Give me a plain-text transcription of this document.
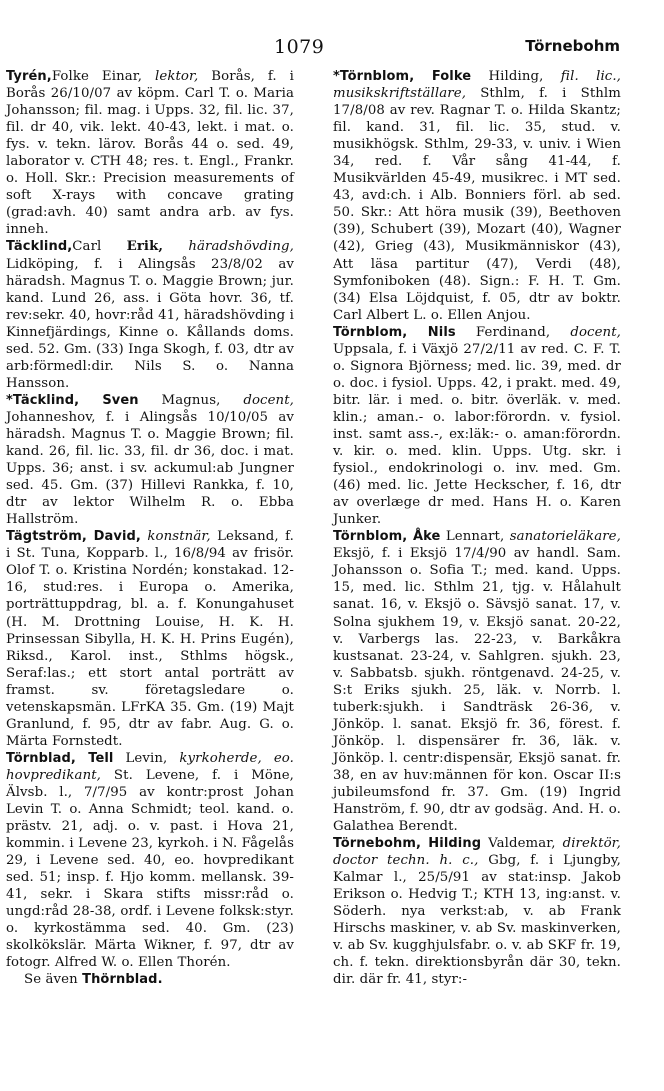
1079	Törnebohm

Tyrén,Folke Einar, lektor, Borås, f. i Borås 26/10/07 av köpm. Carl T. o. Maria Johansson; fil. mag. i Upps. 32, fil. lic. 37, fil. dr 40, vik. lekt. 40-43, lekt. i mat. o. fys. v. tekn. lärov. Borås 44 o. sed. 49, laborator v. CTH 48; res. t. Engl., Frankr. o. Holl. Skr.: Precision measurements of soft X-rays with concave grating (grad:avh. 40) samt andra arb. av fys. inneh.

Täcklind,Carl Erik, häradshövding, Lidköping, f. i Alingsås 23/8/02 av häradsh. Magnus T. o. Maggie Brown; jur. kand. Lund 26, ass. i Göta hovr. 36, tf. rev:sekr. 40, hovr:råd 41, häradshövding i Kinnefjärdings, Kinne o. Kållands doms. sed. 52. Gm. (33) Inga Skogh, f. 03, dtr av arb:förmedl:dir. Nils S. o. Nanna Hansson.

*Täcklind, Sven Magnus, docent, Johanneshov, f. i Alingsås 10/10/05 av häradsh. Magnus T. o. Maggie Brown; fil. kand. 26, fil. lic. 33, fil. dr 36, doc. i mat. Upps. 36; anst. i sv. ackumul:ab Jungner sed. 45. Gm. (37) Hillevi Rankka, f. 10, dtr av lektor Wilhelm R. o. Ebba Hallström.

Tägtström, David, konstnär, Leksand, f. i St. Tuna, Kopparb. l., 16/8/94 av frisör. Olof T. o. Kristina Nordén; konstakad. 12-16, stud:res. i Europa o. Amerika, porträttuppdrag, bl. a. f. Konungahuset (H. M. Drottning Louise, H. K. H. Prinsessan Sibylla, H. K. H. Prins Eugén), Riksd., Karol. inst., Sthlms högsk., Seraf:las.; ett stort antal porträtt av framst. sv. företagsledare o. vetenskapsmän. LFrKA 35. Gm. (19) Majt Granlund, f. 95, dtr av fabr. Aug. G. o. Märta Fornstedt.

Törnblad, Tell Levin, kyrkoherde, eo. hovpredikant, St. Levene, f. i Möne, Älvsb. l., 7/7/95 av kontr:prost Johan Levin T. o. Anna Schmidt; teol. kand. o. prästv. 21, adj. o. v. past. i Hova 21, kommin. i Levene 23, kyrkoh. i N. Fågelås 29, i Levene sed. 40, eo. hovpredikant sed. 51; insp. f. Hjo komm. mellansk. 39-41, sekr. i Skara stifts missr:råd o. ungd:råd 28-38, ordf. i Levene folksk:styr. o. kyrkostämma sed. 40. Gm. (23) skolkökslär. Märta Wikner, f. 97, dtr av fotogr. Alfred W. o. Ellen Thorén.

Se även Thörnblad.

*Törnblom, Folke Hilding, fil. lic., musikskriftställare, Sthlm, f. i Sthlm 17/8/08 av rev. Ragnar T. o. Hilda Skantz; fil. kand. 31, fil. lic. 35, stud. v. musikhögsk. Sthlm, 29-33, v. univ. i Wien 34, red. f. Vår sång 41-44, f. Musikvärlden 45-49, musikrec. i MT sed. 43, avd:ch. i Alb. Bonniers förl. ab sed. 50. Skr.: Att höra musik (39), Beethoven (39), Schubert (39), Mozart (40), Wagner (42), Grieg (43), Musikmänniskor (43), Att läsa partitur (47), Verdi (48), Symfoniboken (48). Sign.: F. H. T. Gm. (34) Elsa Löjdquist, f. 05, dtr av boktr. Carl Albert L. o. Ellen Anjou.

Törnblom, Nils Ferdinand, docent, Uppsala, f. i Växjö 27/2/11 av red. C. F. T. o. Signora Björness; med. lic. 39, med. dr o. doc. i fysiol. Upps. 42, i prakt. med. 49, bitr. lär. i med. o. bitr. överläk. v. med. klin.; aman.- o. labor:förordn. v. fysiol. inst. samt ass.-, ex:läk:- o. aman:förordn. v. kir. o. med. klin. Upps. Utg. skr. i fysiol., endokrinologi o. inv. med. Gm. (46) med. lic. Jette Heckscher, f. 16, dtr av overlæge dr med. Hans H. o. Karen Junker.

Törnblom, Åke Lennart, sanatorieläkare, Eksjö, f. i Eksjö 17/4/90 av handl. Sam. Johansson o. Sofia T.; med. kand. Upps. 15, med. lic. Sthlm 21, tjg. v. Hålahult sanat. 16, v. Eksjö o. Sävsjö sanat. 17, v. Solna sjukhem 19, v. Eksjö sanat. 20-22, v. Varbergs las. 22-23, v. Barkåkra kustsanat. 23-24, v. Sahlgren. sjukh. 23, v. Sabbatsb. sjukh. röntgenavd. 24-25, v. S:t Eriks sjukh. 25, läk. v. Norrb. l. tuberk:sjukh. i Sandträsk 26-36, v. Jönköp. l. sanat. Eksjö fr. 36, förest. f. Jönköp. l. dispensärer fr. 36, läk. v. Jönköp. l. centr:dispensär, Eksjö sanat. fr. 38, en av huv:männen för kon. Oscar II:s jubileumsfond fr. 37. Gm. (19) Ingrid Hanström, f. 90, dtr av godsäg. And. H. o. Galathea Berendt.

Törnebohm, Hilding Valdemar, direktör, doctor techn. h. c., Gbg, f. i Ljungby, Kalmar l., 25/5/91 av stat:insp. Jakob Erikson o. Hedvig T.; KTH 13, ing:anst. v. Söderh. nya verkst:ab, v. ab Frank Hirschs maskiner, v. ab Sv. maskinverken, v. ab Sv. kugghjulsfabr. o. v. ab SKF fr. 19, ch. f. tekn. direktionsbyrån där 30, tekn. dir. där fr. 41, styr:-
